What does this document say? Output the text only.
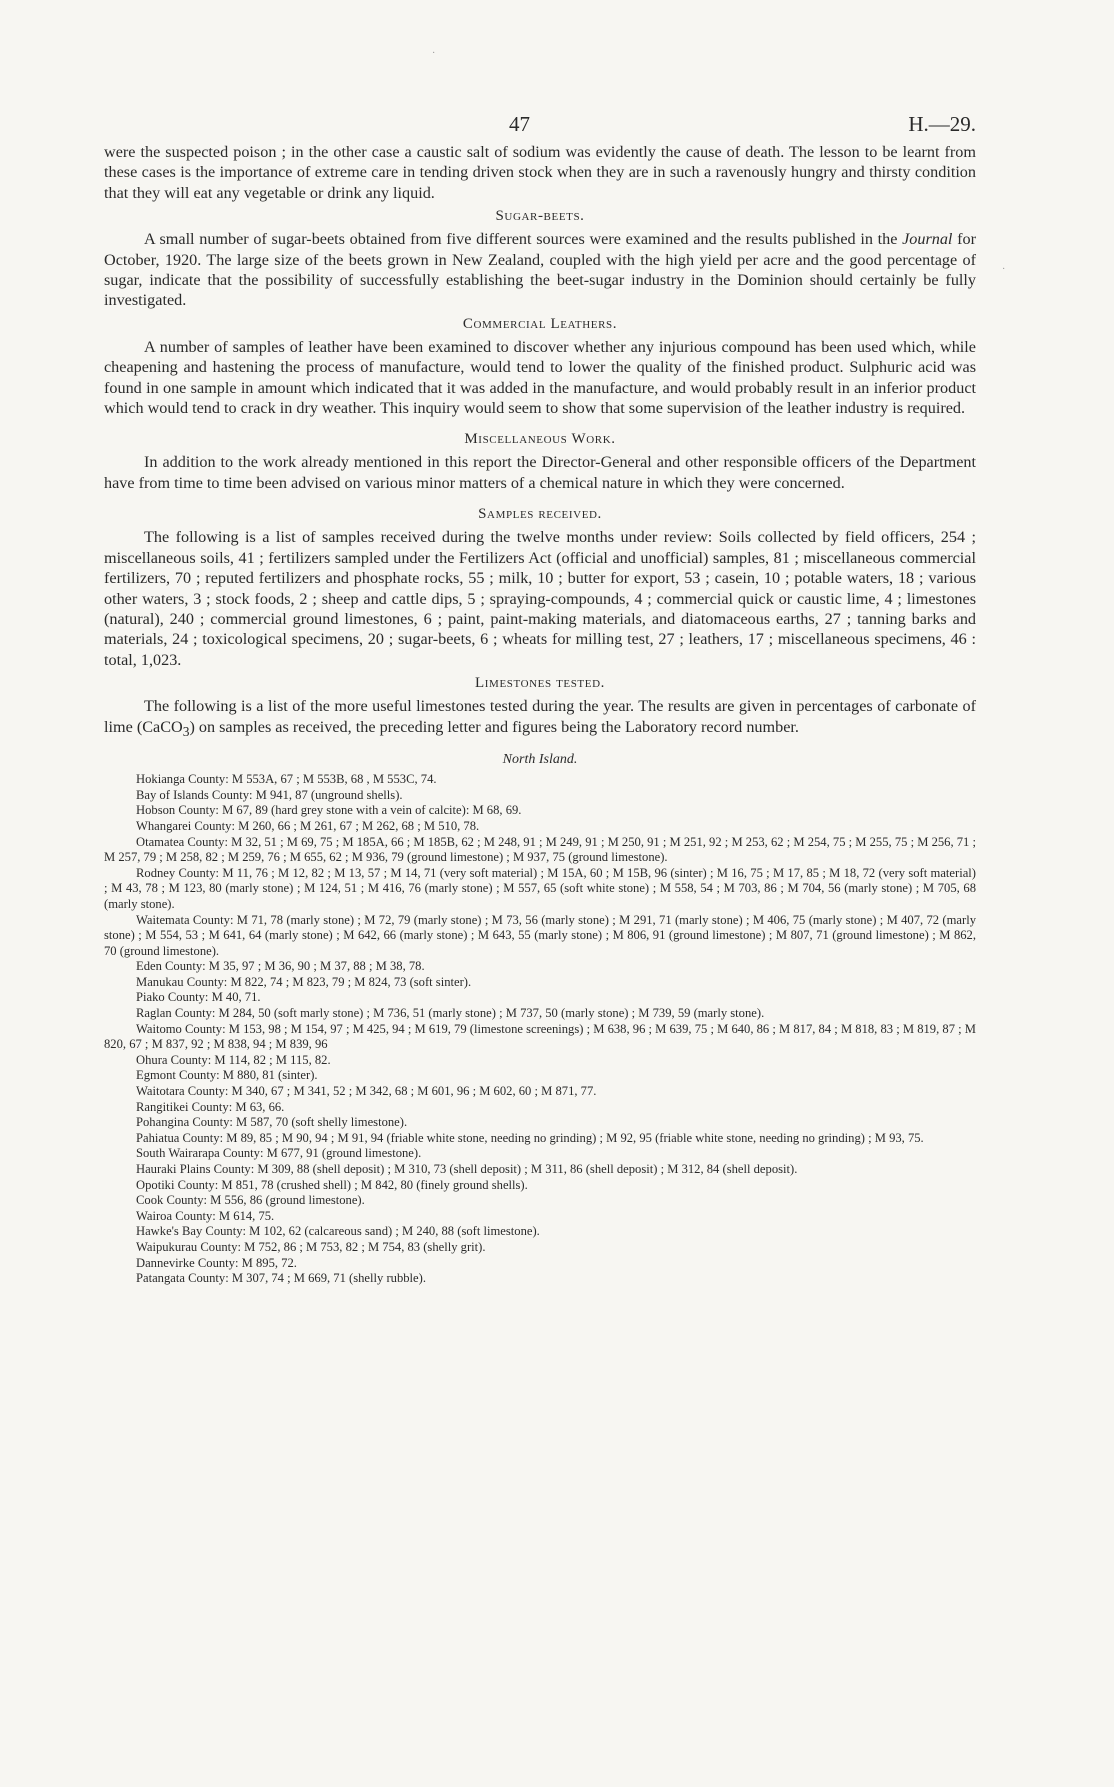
·
·
47	H.—29.

were the suspected poison ; in the other case a caustic salt of sodium was evidently the cause of death. The lesson to be learnt from these cases is the importance of extreme care in tending driven stock when they are in such a ravenously hungry and thirsty condition that they will eat any vegetable or drink any liquid.

Sugar-beets.

A small number of sugar-beets obtained from five different sources were examined and the results published in the Journal for October, 1920. The large size of the beets grown in New Zealand, coupled with the high yield per acre and the good percentage of sugar, indicate that the possibility of successfully establishing the beet-sugar industry in the Dominion should certainly be fully investigated.

Commercial Leathers.

A number of samples of leather have been examined to discover whether any injurious compound has been used which, while cheapening and hastening the process of manufacture, would tend to lower the quality of the finished product. Sulphuric acid was found in one sample in amount which indicated that it was added in the manufacture, and would probably result in an inferior product which would tend to crack in dry weather. This inquiry would seem to show that some supervision of the leather industry is required.

Miscellaneous Work.

In addition to the work already mentioned in this report the Director-General and other responsible officers of the Department have from time to time been advised on various minor matters of a chemical nature in which they were concerned.

Samples received.

The following is a list of samples received during the twelve months under review: Soils collected by field officers, 254 ; miscellaneous soils, 41 ; fertilizers sampled under the Fertilizers Act (official and unofficial) samples, 81 ; miscellaneous commercial fertilizers, 70 ; reputed fertilizers and phosphate rocks, 55 ; milk, 10 ; butter for export, 53 ; casein, 10 ; potable waters, 18 ; various other waters, 3 ; stock foods, 2 ; sheep and cattle dips, 5 ; spraying-compounds, 4 ; commercial quick or caustic lime, 4 ; limestones (natural), 240 ; commercial ground limestones, 6 ; paint, paint-making materials, and diatomaceous earths, 27 ; tanning barks and materials, 24 ; toxicological specimens, 20 ; sugar-beets, 6 ; wheats for milling test, 27 ; leathers, 17 ; miscellaneous specimens, 46 : total, 1,023.

Limestones tested.

The following is a list of the more useful limestones tested during the year. The results are given in percentages of carbonate of lime (CaCO$_3$) on samples as received, the preceding letter and figures being the Laboratory record number.

North Island.
Hokianga County: M 553A, 67 ; M 553B, 68 , M 553C, 74.
Bay of Islands County: M 941, 87 (unground shells).
Hobson County: M 67, 89 (hard grey stone with a vein of calcite): M 68, 69.
Whangarei County: M 260, 66 ; M 261, 67 ; M 262, 68 ; M 510, 78.
Otamatea County: M 32, 51 ; M 69, 75 ; M 185A, 66 ; M 185B, 62 ; M 248, 91 ; M 249, 91 ; M 250, 91 ; M 251, 92 ; M 253, 62 ; M 254, 75 ; M 255, 75 ; M 256, 71 ; M 257, 79 ; M 258, 82 ; M 259, 76 ; M 655, 62 ; M 936, 79 (ground limestone) ; M 937, 75 (ground limestone).
Rodney County: M 11, 76 ; M 12, 82 ; M 13, 57 ; M 14, 71 (very soft material) ; M 15A, 60 ; M 15B, 96 (sinter) ; M 16, 75 ; M 17, 85 ; M 18, 72 (very soft material) ; M 43, 78 ; M 123, 80 (marly stone) ; M 124, 51 ; M 416, 76 (marly stone) ; M 557, 65 (soft white stone) ; M 558, 54 ; M 703, 86 ; M 704, 56 (marly stone) ; M 705, 68 (marly stone).
Waitemata County: M 71, 78 (marly stone) ; M 72, 79 (marly stone) ; M 73, 56 (marly stone) ; M 291, 71 (marly stone) ; M 406, 75 (marly stone) ; M 407, 72 (marly stone) ; M 554, 53 ; M 641, 64 (marly stone) ; M 642, 66 (marly stone) ; M 643, 55 (marly stone) ; M 806, 91 (ground limestone) ; M 807, 71 (ground limestone) ; M 862, 70 (ground limestone).
Eden County: M 35, 97 ; M 36, 90 ; M 37, 88 ; M 38, 78.
Manukau County: M 822, 74 ; M 823, 79 ; M 824, 73 (soft sinter).
Piako County: M 40, 71.
Raglan County: M 284, 50 (soft marly stone) ; M 736, 51 (marly stone) ; M 737, 50 (marly stone) ; M 739, 59 (marly stone).
Waitomo County: M 153, 98 ; M 154, 97 ; M 425, 94 ; M 619, 79 (limestone screenings) ; M 638, 96 ; M 639, 75 ; M 640, 86 ; M 817, 84 ; M 818, 83 ; M 819, 87 ; M 820, 67 ; M 837, 92 ; M 838, 94 ; M 839, 96
Ohura County: M 114, 82 ; M 115, 82.
Egmont County: M 880, 81 (sinter).
Waitotara County: M 340, 67 ; M 341, 52 ; M 342, 68 ; M 601, 96 ; M 602, 60 ; M 871, 77.
Rangitikei County: M 63, 66.
Pohangina County: M 587, 70 (soft shelly limestone).
Pahiatua County: M 89, 85 ; M 90, 94 ; M 91, 94 (friable white stone, needing no grinding) ; M 92, 95 (friable white stone, needing no grinding) ; M 93, 75.
South Wairarapa County: M 677, 91 (ground limestone).
Hauraki Plains County: M 309, 88 (shell deposit) ; M 310, 73 (shell deposit) ; M 311, 86 (shell deposit) ; M 312, 84 (shell deposit).
Opotiki County: M 851, 78 (crushed shell) ; M 842, 80 (finely ground shells).
Cook County: M 556, 86 (ground limestone).
Wairoa County: M 614, 75.
Hawke's Bay County: M 102, 62 (calcareous sand) ; M 240, 88 (soft limestone).
Waipukurau County: M 752, 86 ; M 753, 82 ; M 754, 83 (shelly grit).
Dannevirke County: M 895, 72.
Patangata County: M 307, 74 ; M 669, 71 (shelly rubble).
